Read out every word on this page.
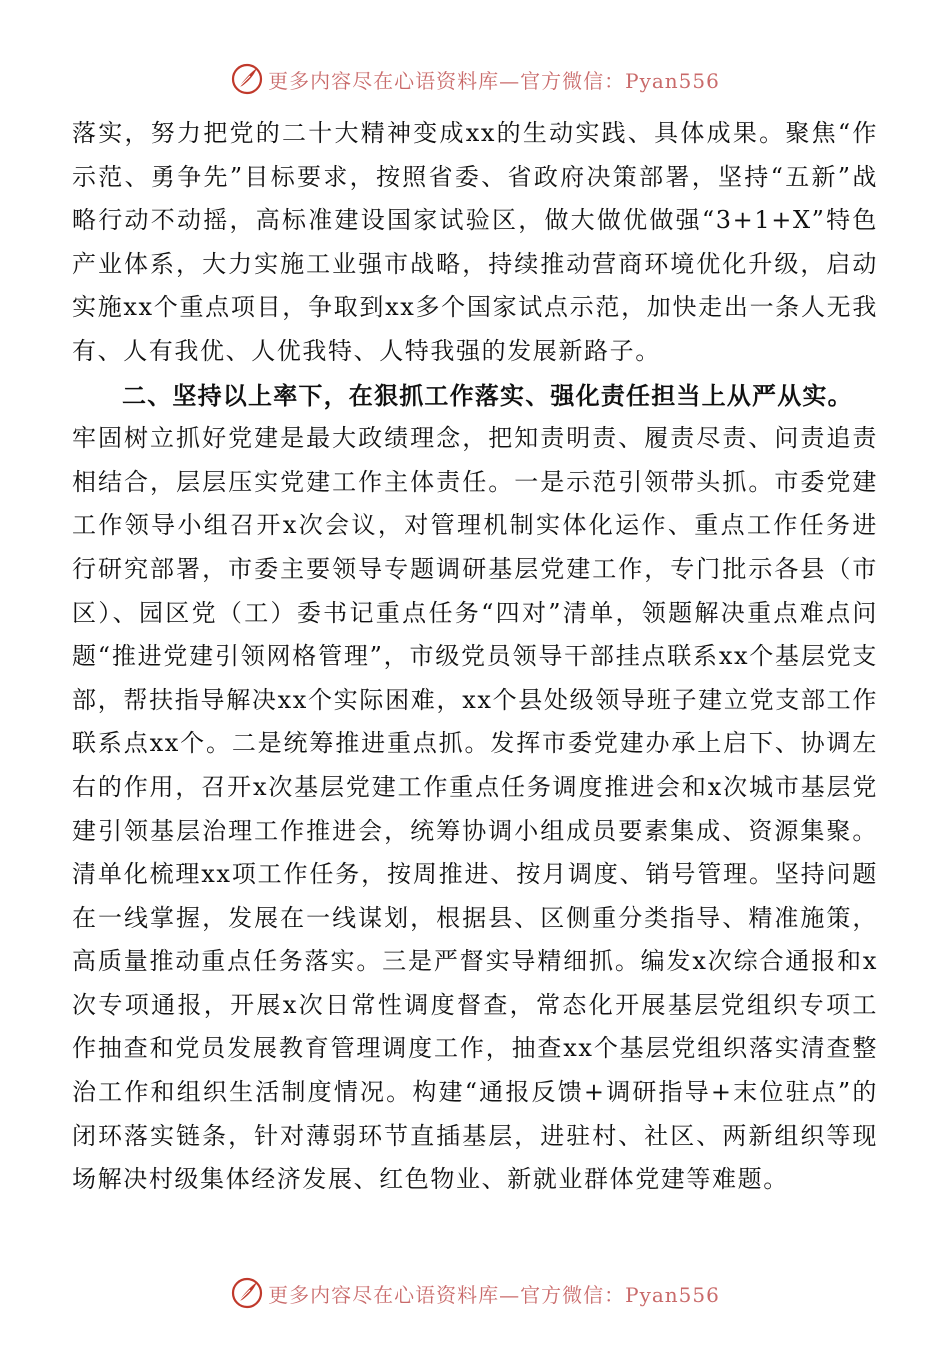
更多内容尽在心语资料库—官方微信：Pyan556

落实，努力把党的二十大精神变成xx的生动实践、具体成果。聚焦“作示范、勇争先”目标要求，按照省委、省政府决策部署，坚持“五新”战略行动不动摇，高标准建设国家试验区，做大做优做强“3+1+X”特色产业体系，大力实施工业强市战略，持续推动营商环境优化升级，启动实施xx个重点项目，争取到xx多个国家试点示范，加快走出一条人无我有、人有我优、人优我特、人特我强的发展新路子。

二、坚持以上率下，在狠抓工作落实、强化责任担当上从严从实。

牢固树立抓好党建是最大政绩理念，把知责明责、履责尽责、问责追责相结合，层层压实党建工作主体责任。一是示范引领带头抓。市委党建工作领导小组召开x次会议，对管理机制实体化运作、重点工作任务进行研究部署，市委主要领导专题调研基层党建工作，专门批示各县（市区）、园区党（工）委书记重点任务“四对”清单，领题解决重点难点问题“推进党建引领网格管理”，市级党员领导干部挂点联系xx个基层党支部，帮扶指导解决xx个实际困难，xx个县处级领导班子建立党支部工作联系点xx个。二是统筹推进重点抓。发挥市委党建办承上启下、协调左右的作用，召开x次基层党建工作重点任务调度推进会和x次城市基层党建引领基层治理工作推进会，统筹协调小组成员要素集成、资源集聚。清单化梳理xx项工作任务，按周推进、按月调度、销号管理。坚持问题在一线掌握，发展在一线谋划，根据县、区侧重分类指导、精准施策，高质量推动重点任务落实。三是严督实导精细抓。编发x次综合通报和x次专项通报，开展x次日常性调度督查，常态化开展基层党组织专项工作抽查和党员发展教育管理调度工作，抽查xx个基层党组织落实清查整治工作和组织生活制度情况。构建“通报反馈+调研指导+末位驻点”的闭环落实链条，针对薄弱环节直插基层，进驻村、社区、两新组织等现场解决村级集体经济发展、红色物业、新就业群体党建等难题。

更多内容尽在心语资料库—官方微信：Pyan556
